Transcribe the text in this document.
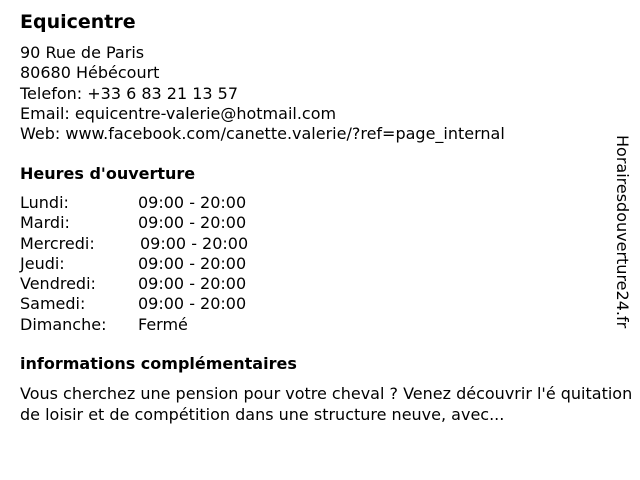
Equicentre
90 Rue de Paris
80680 Hébécourt
Telefon: +33 6 83 21 13 57
Email: equicentre-valerie@hotmail.com
Web: www.facebook.com/canette.valerie/?ref=page_internal
Heures d'ouverture
Lundi:	09:00 - 20:00
Mardi:	09:00 - 20:00
Mercredi:	09:00 - 20:00
Jeudi:	09:00 - 20:00
Vendredi:	09:00 - 20:00
Samedi:	09:00 - 20:00
Dimanche: Fermé
informations complémentaires
Vous cherchez une pension pour votre cheval ? Venez découvrir l'é quitation de loisir et de compétition dans une structure neuve, avec...
Horairesdouverture24.fr
